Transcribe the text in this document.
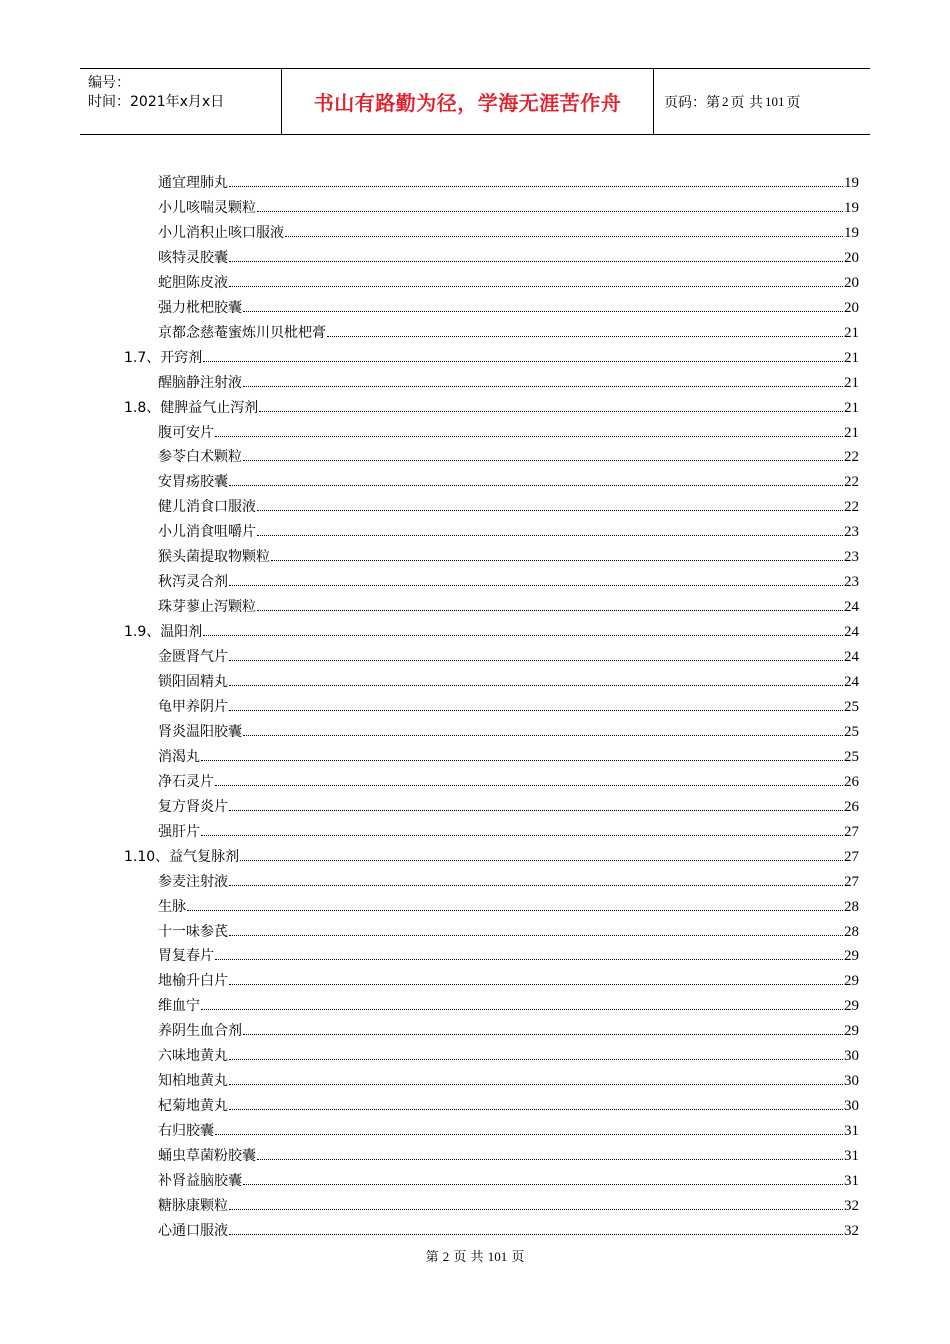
编号：
时间：2021年x月x日	书山有路勤为径，学海无涯苦作舟	页码：第 2 页 共 101 页
通宜理肺丸	19
小儿咳喘灵颗粒	19
小儿消积止咳口服液	19
咳特灵胶囊	20
蛇胆陈皮液	20
强力枇杷胶囊	20
京都念慈菴蜜炼川贝枇杷膏	21
1.7、开窍剂	21
醒脑静注射液	21
1.8、健脾益气止泻剂	21
腹可安片	21
参苓白术颗粒	22
安胃疡胶囊	22
健儿消食口服液	22
小儿消食咀嚼片	23
猴头菌提取物颗粒	23
秋泻灵合剂	23
珠芽蓼止泻颗粒	24
1.9、温阳剂	24
金匮肾气片	24
锁阳固精丸	24
龟甲养阴片	25
肾炎温阳胶囊	25
消渴丸	25
净石灵片	26
复方肾炎片	26
强肝片	27
1.10、益气复脉剂	27
参麦注射液	27
生脉	28
十一味参芪	28
胃复春片	29
地榆升白片	29
维血宁	29
养阴生血合剂	29
六味地黄丸	30
知柏地黄丸	30
杞菊地黄丸	30
右归胶囊	31
蛹虫草菌粉胶囊	31
补肾益脑胶囊	31
糖脉康颗粒	32
心通口服液	32
第 2 页 共 101 页
